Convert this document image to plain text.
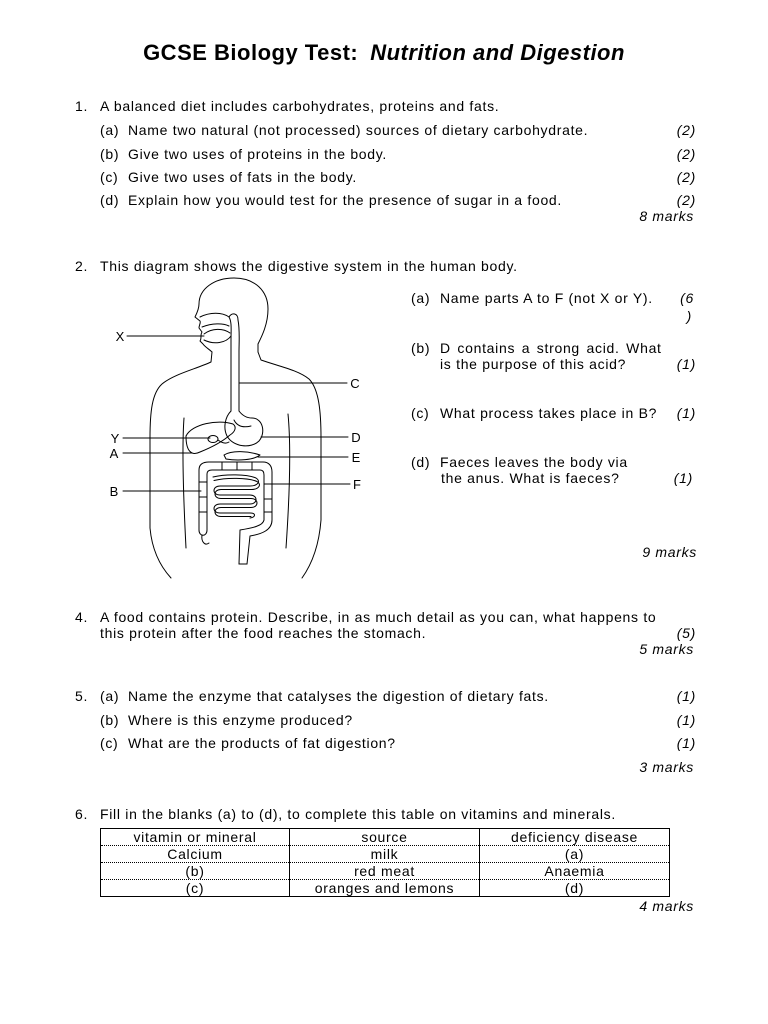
GCSE Biology Test: Nutrition and Digestion
1. A balanced diet includes carbohydrates, proteins and fats.
(a) Name two natural (not processed) sources of dietary carbohydrate.	(2)
(b) Give two uses of proteins in the body.	(2)
(c) Give two uses of fats in the body.	(2)
(d) Explain how you would test for the presence of sugar in a food.	(2)
8 marks
2. This diagram shows the digestive system in the human body.
X
C
Y	D
A	E
B	F
(a) Name parts A to F (not X or Y). (6
)
(b) D contains a strong acid. What
is the purpose of this acid?	(1)
(c) What process takes place in B? (1)
(d) Faeces leaves the body via
the anus. What is faeces?	(1)
9 marks
4. A food contains protein. Describe, in as much detail as you can, what happens to
this protein after the food reaches the stomach.	(5)
5 marks
5. (a) Name the enzyme that catalyses the digestion of dietary fats.	(1)
(b) Where is this enzyme produced?	(1)
(c) What are the products of fat digestion?	(1)
3 marks
6. Fill in the blanks (a) to (d), to complete this table on vitamins and minerals.
vitamin or mineral	source	deficiency disease
Calcium	milk	(a)
(b)	red meat	Anaemia
(c)	oranges and lemons	(d)
4 marks
